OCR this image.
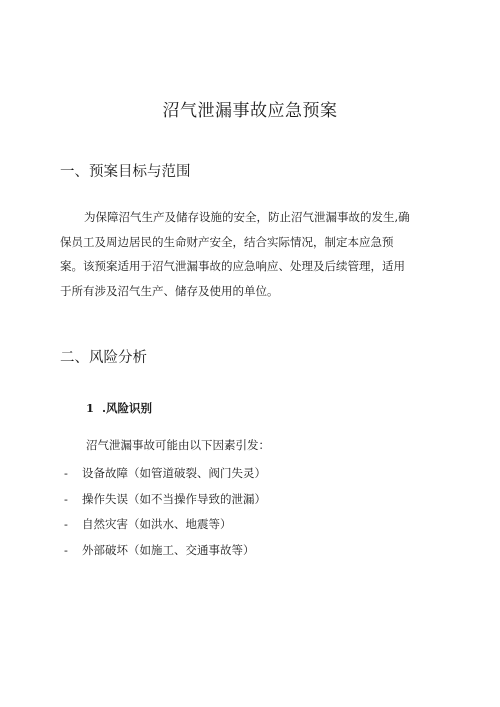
沼气泄漏事故应急预案
一、预案目标与范围

为保障沼气生产及储存设施的安全，防止沼气泄漏事故的发生,确
保员工及周边居民的生命财产安全，结合实际情况，制定本应急预
案。该预案适用于沼气泄漏事故的应急响应、处理及后续管理，适用
于所有涉及沼气生产、储存及使用的单位。

二、风险分析
1 .风险识别

沼气泄漏事故可能由以下因素引发：

- 设备故障（如管道破裂、阀门失灵）
- 操作失误（如不当操作导致的泄漏）
- 自然灾害（如洪水、地震等）
- 外部破坏（如施工、交通事故等）
